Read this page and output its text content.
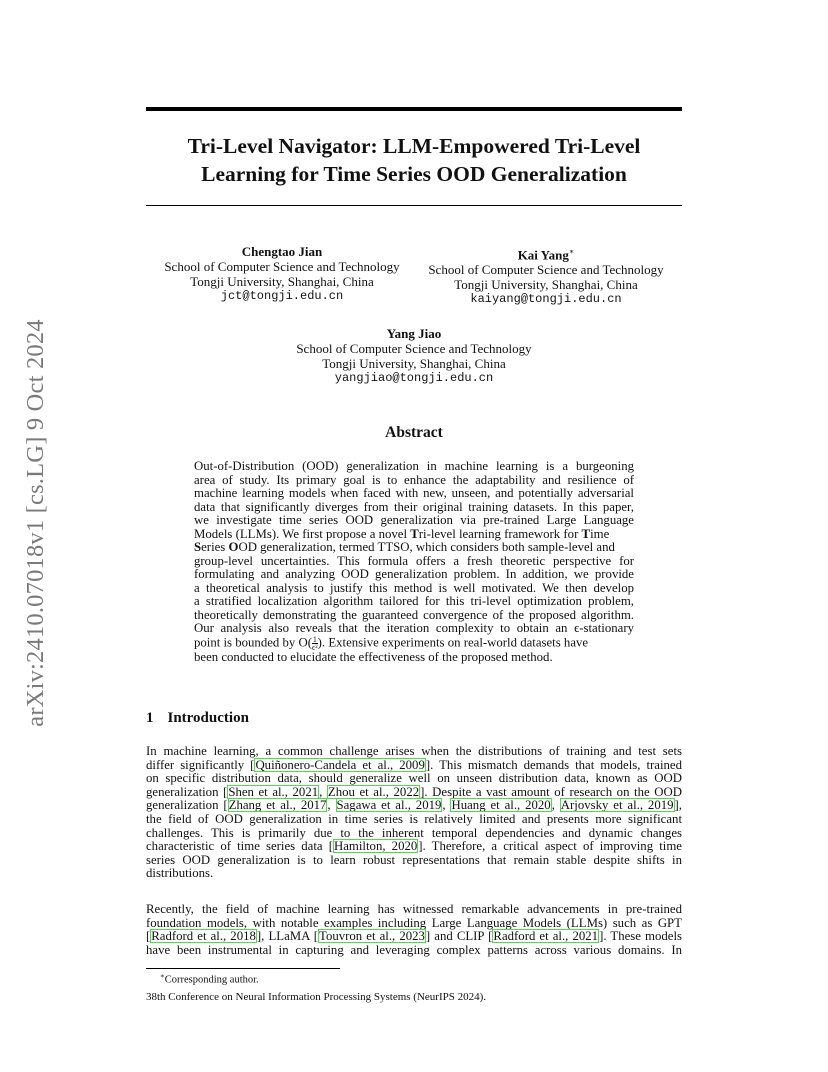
arXiv:2410.07018v1 [cs.LG] 9 Oct 2024
Tri-Level Navigator: LLM-Empowered Tri-Level
Learning for Time Series OOD Generalization
Chengtao Jian
School of Computer Science and Technology
Tongji University, Shanghai, China
jct@tongji.edu.cn
Kai Yang∗
School of Computer Science and Technology
Tongji University, Shanghai, China
kaiyang@tongji.edu.cn
Yang Jiao
School of Computer Science and Technology
Tongji University, Shanghai, China
yangjiao@tongji.edu.cn
Abstract
Out-of-Distribution (OOD) generalization in machine learning is a burgeoning
area of study. Its primary goal is to enhance the adaptability and resilience of
machine learning models when faced with new, unseen, and potentially adversarial
data that significantly diverges from their original training datasets. In this paper,
we investigate time series OOD generalization via pre-trained Large Language
Models (LLMs). We first propose a novel Tri-level learning framework for Time
Series OOD generalization, termed TTSO, which considers both sample-level and
group-level uncertainties. This formula offers a fresh theoretic perspective for
formulating and analyzing OOD generalization problem. In addition, we provide
a theoretical analysis to justify this method is well motivated. We then develop
a stratified localization algorithm tailored for this tri-level optimization problem,
theoretically demonstrating the guaranteed convergence of the proposed algorithm.
Our analysis also reveals that the iteration complexity to obtain an ϵ-stationary
point is bounded by $O( \frac{1}{\text{ϵ²}}$ ). Extensive experiments on real-world datasets have
been conducted to elucidate the effectiveness of the proposed method.
1 Introduction
In machine learning, a common challenge arises when the distributions of training and test sets
differ significantly [Quiñonero-Candela et al., 2009]. This mismatch demands that models, trained
on specific distribution data, should generalize well on unseen distribution data, known as OOD
generalization [Shen et al., 2021, Zhou et al., 2022]. Despite a vast amount of research on the OOD
generalization [Zhang et al., 2017, Sagawa et al., 2019, Huang et al., 2020, Arjovsky et al., 2019],
the field of OOD generalization in time series is relatively limited and presents more significant
challenges. This is primarily due to the inherent temporal dependencies and dynamic changes
characteristic of time series data [Hamilton, 2020]. Therefore, a critical aspect of improving time
series OOD generalization is to learn robust representations that remain stable despite shifts in
distributions.
Recently, the field of machine learning has witnessed remarkable advancements in pre-trained
foundation models, with notable examples including Large Language Models (LLMs) such as GPT
[Radford et al., 2018], LLaMA [Touvron et al., 2023] and CLIP [Radford et al., 2021]. These models
have been instrumental in capturing and leveraging complex patterns across various domains. In
∗Corresponding author.
38th Conference on Neural Information Processing Systems (NeurIPS 2024).
